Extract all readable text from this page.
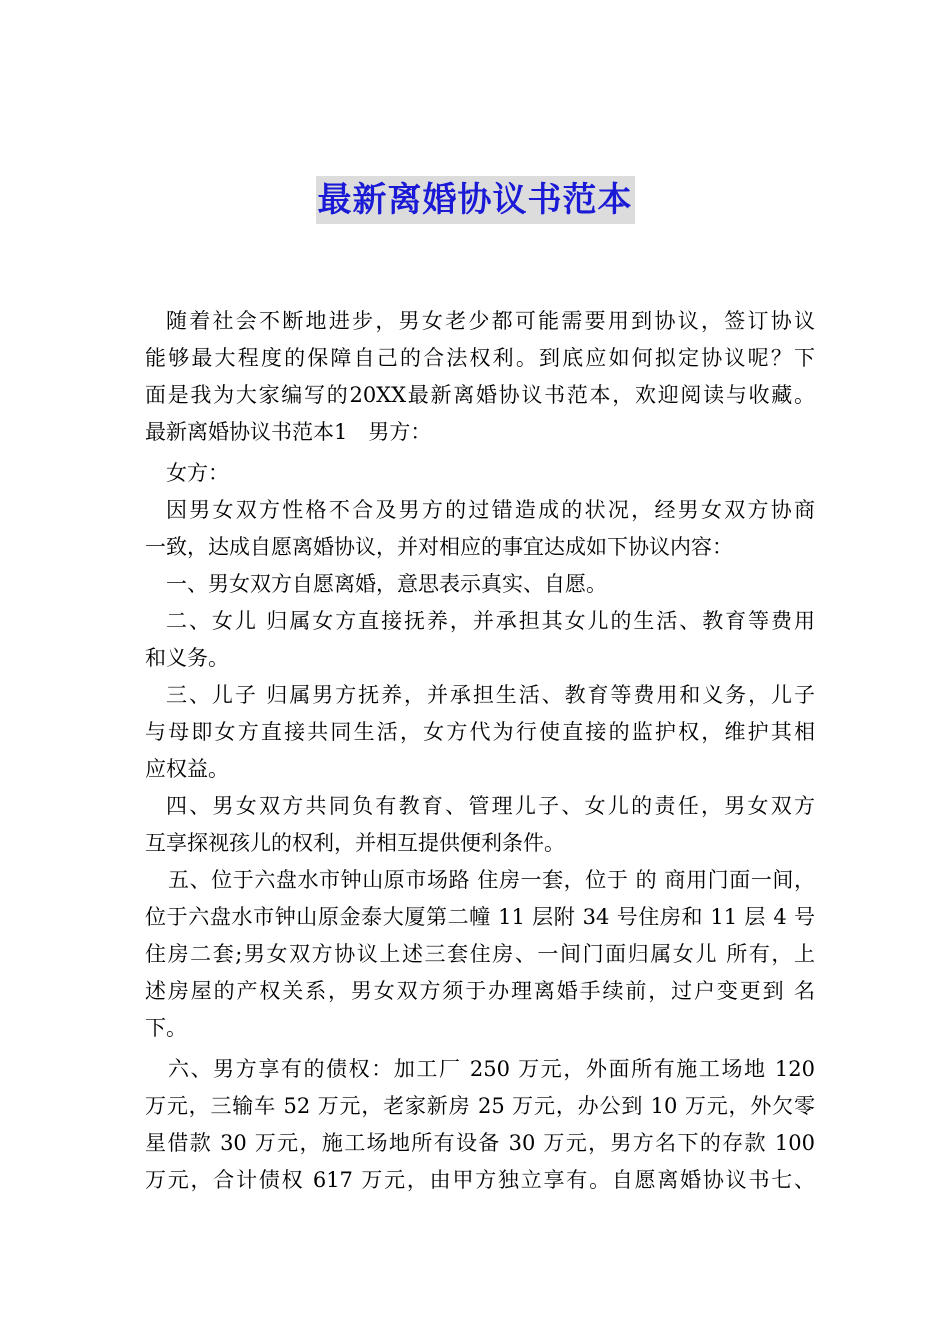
最新离婚协议书范本
随着社会不断地进步，男女老少都可能需要用到协议，签订协议
能够最大程度的保障自己的合法权利。到底应如何拟定协议呢？下
面是我为大家编写的20XX最新离婚协议书范本，欢迎阅读与收藏。
最新离婚协议书范本1　男方：
女方：
因男女双方性格不合及男方的过错造成的状况，经男女双方协商
一致，达成自愿离婚协议，并对相应的事宜达成如下协议内容：
一、男女双方自愿离婚，意思表示真实、自愿。
二、女儿 归属女方直接抚养，并承担其女儿的生活、教育等费用
和义务。
三、儿子 归属男方抚养，并承担生活、教育等费用和义务，儿子
与母即女方直接共同生活，女方代为行使直接的监护权，维护其相
应权益。
四、男女双方共同负有教育、管理儿子、女儿的责任，男女双方
互享探视孩儿的权利，并相互提供便利条件。
五、位于六盘水市钟山原市场路 住房一套，位于 的 商用门面一间，
位于六盘水市钟山原金泰大厦第二幢 11 层附 34 号住房和 11 层 4 号
住房二套;男女双方协议上述三套住房、一间门面归属女儿 所有，上
述房屋的产权关系，男女双方须于办理离婚手续前，过户变更到 名
下。
六、男方享有的债权：加工厂 250 万元，外面所有施工场地 120
万元，三输车 52 万元，老家新房 25 万元，办公到 10 万元，外欠零
星借款 30 万元，施工场地所有设备 30 万元，男方名下的存款 100
万元，合计债权 617 万元，由甲方独立享有。自愿离婚协议书七、
